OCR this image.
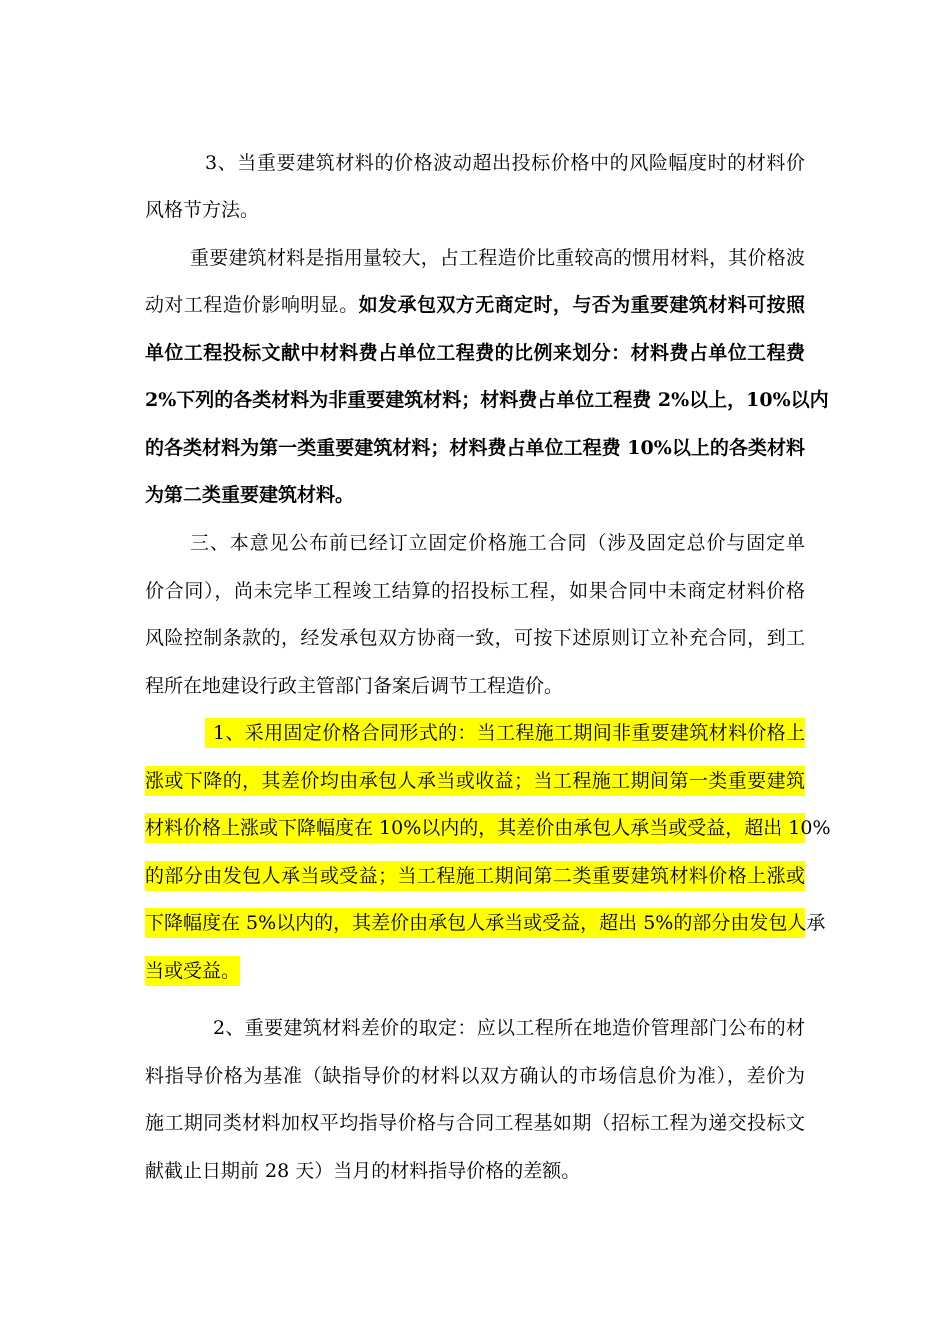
3、当重要建筑材料的价格波动超出投标价格中的风险幅度时的材料价
风格节方法。
重要建筑材料是指用量较大，占工程造价比重较高的惯用材料，其价格波
动对工程造价影响明显。如发承包双方无商定时，与否为重要建筑材料可按照
单位工程投标文献中材料费占单位工程费的比例来划分：材料费占单位工程费
2%下列的各类材料为非重要建筑材料；材料费占单位工程费 2%以上，10%以内
的各类材料为第一类重要建筑材料；材料费占单位工程费 10%以上的各类材料
为第二类重要建筑材料。
三、本意见公布前已经订立固定价格施工合同（涉及固定总价与固定单
价合同），尚未完毕工程竣工结算的招投标工程，如果合同中未商定材料价格
风险控制条款的，经发承包双方协商一致，可按下述原则订立补充合同，到工
程所在地建设行政主管部门备案后调节工程造价。
1、采用固定价格合同形式的：当工程施工期间非重要建筑材料价格上
涨或下降的，其差价均由承包人承当或收益；当工程施工期间第一类重要建筑
材料价格上涨或下降幅度在 10%以内的，其差价由承包人承当或受益，超出 10%
的部分由发包人承当或受益；当工程施工期间第二类重要建筑材料价格上涨或
下降幅度在 5%以内的，其差价由承包人承当或受益，超出 5%的部分由发包人承
当或受益。
2、重要建筑材料差价的取定：应以工程所在地造价管理部门公布的材
料指导价格为基准（缺指导价的材料以双方确认的市场信息价为准），差价为
施工期同类材料加权平均指导价格与合同工程基如期（招标工程为递交投标文
献截止日期前 28 天）当月的材料指导价格的差额。
